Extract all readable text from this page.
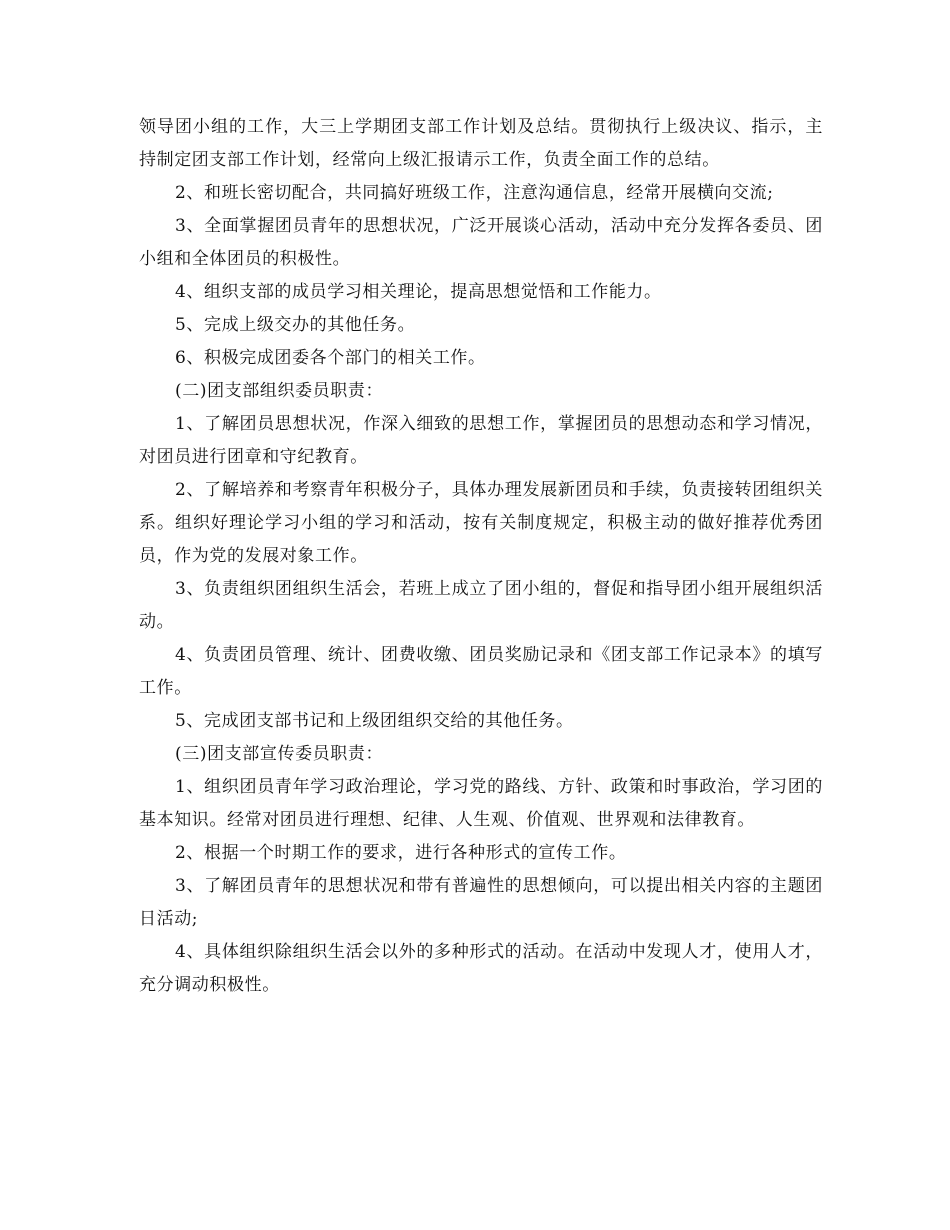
领导团小组的工作，大三上学期团支部工作计划及总结。贯彻执行上级决议、指示，主持制定团支部工作计划，经常向上级汇报请示工作，负责全面工作的总结。

2、和班长密切配合，共同搞好班级工作，注意沟通信息，经常开展横向交流;

3、全面掌握团员青年的思想状况，广泛开展谈心活动，活动中充分发挥各委员、团小组和全体团员的积极性。

4、组织支部的成员学习相关理论，提高思想觉悟和工作能力。

5、完成上级交办的其他任务。

6、积极完成团委各个部门的相关工作。

(二)团支部组织委员职责：

1、了解团员思想状况，作深入细致的思想工作，掌握团员的思想动态和学习情况，对团员进行团章和守纪教育。

2、了解培养和考察青年积极分子，具体办理发展新团员和手续，负责接转团组织关系。组织好理论学习小组的学习和活动，按有关制度规定，积极主动的做好推荐优秀团员，作为党的发展对象工作。

3、负责组织团组织生活会，若班上成立了团小组的，督促和指导团小组开展组织活动。

4、负责团员管理、统计、团费收缴、团员奖励记录和《团支部工作记录本》的填写工作。

5、完成团支部书记和上级团组织交给的其他任务。

(三)团支部宣传委员职责：

1、组织团员青年学习政治理论，学习党的路线、方针、政策和时事政治，学习团的基本知识。经常对团员进行理想、纪律、人生观、价值观、世界观和法律教育。

2、根据一个时期工作的要求，进行各种形式的宣传工作。

3、了解团员青年的思想状况和带有普遍性的思想倾向，可以提出相关内容的主题团日活动;

4、具体组织除组织生活会以外的多种形式的活动。在活动中发现人才，使用人才，充分调动积极性。
